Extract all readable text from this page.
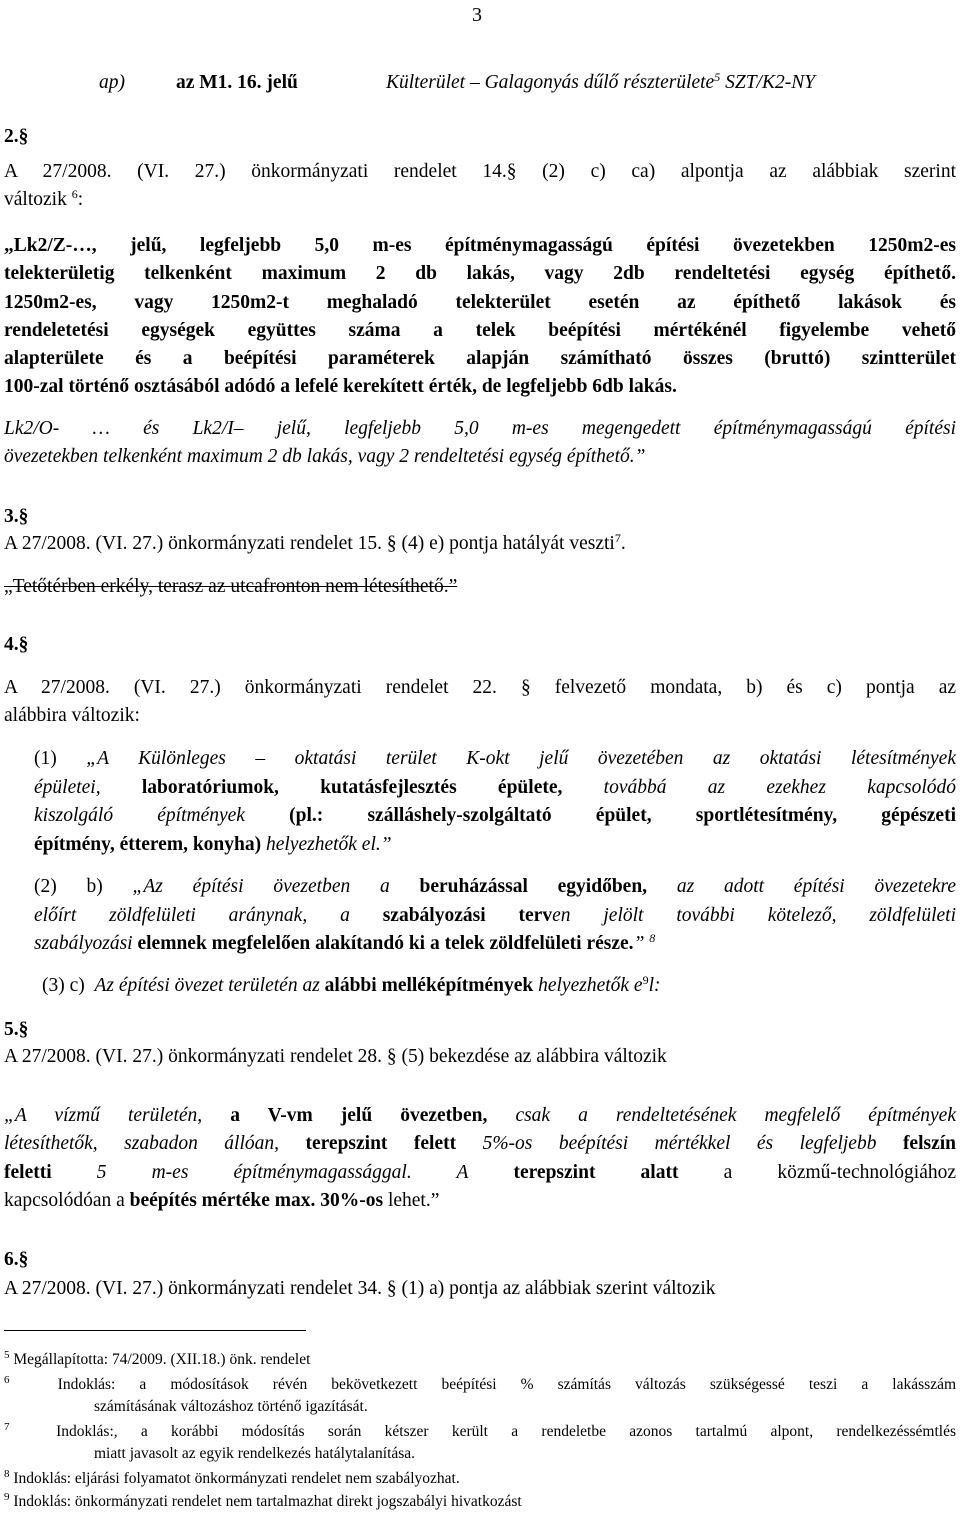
3
ap)	az M1. 16. jelű	Külterület – Galagonyás dűlő részterülete$^5$ SZT/K2-NY
2.§
A 27/2008. (VI. 27.) önkormányzati rendelet 14.§ (2) c) ca) alpontja az alábbiak szerint
változik $^6$:
„Lk2/Z-…, jelű, legfeljebb 5,0 m-es építménymagasságú építési övezetekben 1250m2-es
telekterületig telkenként maximum 2 db lakás, vagy 2db rendeltetési egység építhető.
1250m2-es, vagy 1250m2-t meghaladó telekterület esetén az építhető lakások és
rendeletetési egységek együttes száma a telek beépítési mértékénél figyelembe vehető
alapterülete és a beépítési paraméterek alapján számítható összes (bruttó) szintterület
100-zal történő osztásából adódó a lefelé kerekített érték, de legfeljebb 6db lakás.
Lk2/O- … és Lk2/I– jelű, legfeljebb 5,0 m-es megengedett építménymagasságú építési
övezetekben telkenként maximum 2 db lakás, vagy 2 rendeltetési egység építhető.”
3.§
A 27/2008. (VI. 27.) önkormányzati rendelet 15. § (4) e) pontja hatályát veszti$^7$.
„Tetőtérben erkély, terasz az utcafronton nem létesíthető.”
4.§
A 27/2008. (VI. 27.) önkormányzati rendelet 22. § felvezető mondata, b) és c) pontja az
alábbira változik:
(1) „A Különleges – oktatási terület K-okt jelű övezetében az oktatási létesítmények
épületei, laboratóriumok, kutatásfejlesztés épülete, továbbá az ezekhez kapcsolódó
kiszolgáló építmények (pl.: szálláshely-szolgáltató épület, sportlétesítmény, gépészeti
építmény, étterem, konyha) helyezhetők el.”
(2) b) „Az építési övezetben a beruházással egyidőben, az adott építési övezetekre
előírt zöldfelületi aránynak, a szabályozási terven jelölt további kötelező, zöldfelületi
szabályozási elemnek megfelelően alakítandó ki a telek zöldfelületi része.” $^8$
(3) c) Az építési övezet területén az alábbi melléképítmények helyezhetők $e^9l$:
5.§
A 27/2008. (VI. 27.) önkormányzati rendelet 28. § (5) bekezdése az alábbira változik
„A vízmű területén, a V-vm jelű övezetben, csak a rendeltetésének megfelelő építmények
létesíthetők, szabadon állóan, terepszint felett 5%-os beépítési mértékkel és legfeljebb felszín
feletti 5 m-es építménymagassággal. A terepszint alatt a közmű-technológiához
kapcsolódóan a beépítés mértéke max. 30%-os lehet.”
6.§
A 27/2008. (VI. 27.) önkormányzati rendelet 34. § (1) a) pontja az alábbiak szerint változik
$^5$ Megállapította: 74/2009. (XII.18.) önk. rendelet
$^6$	Indoklás: a módosítások révén bekövetkezett beépítési % számítás változás szükségessé teszi a lakásszám
számításának változáshoz történő igazítását.
$^7$	Indoklás:, a korábbi módosítás során kétszer került a rendeletbe azonos tartalmú alpont, rendelkezéssémtlés
miatt javasolt az egyik rendelkezés hatálytalanítása.
$^8$ Indoklás: eljárási folyamatot önkormányzati rendelet nem szabályozhat.
$^9$ Indoklás: önkormányzati rendelet nem tartalmazhat direkt jogszabályi hivatkozást
